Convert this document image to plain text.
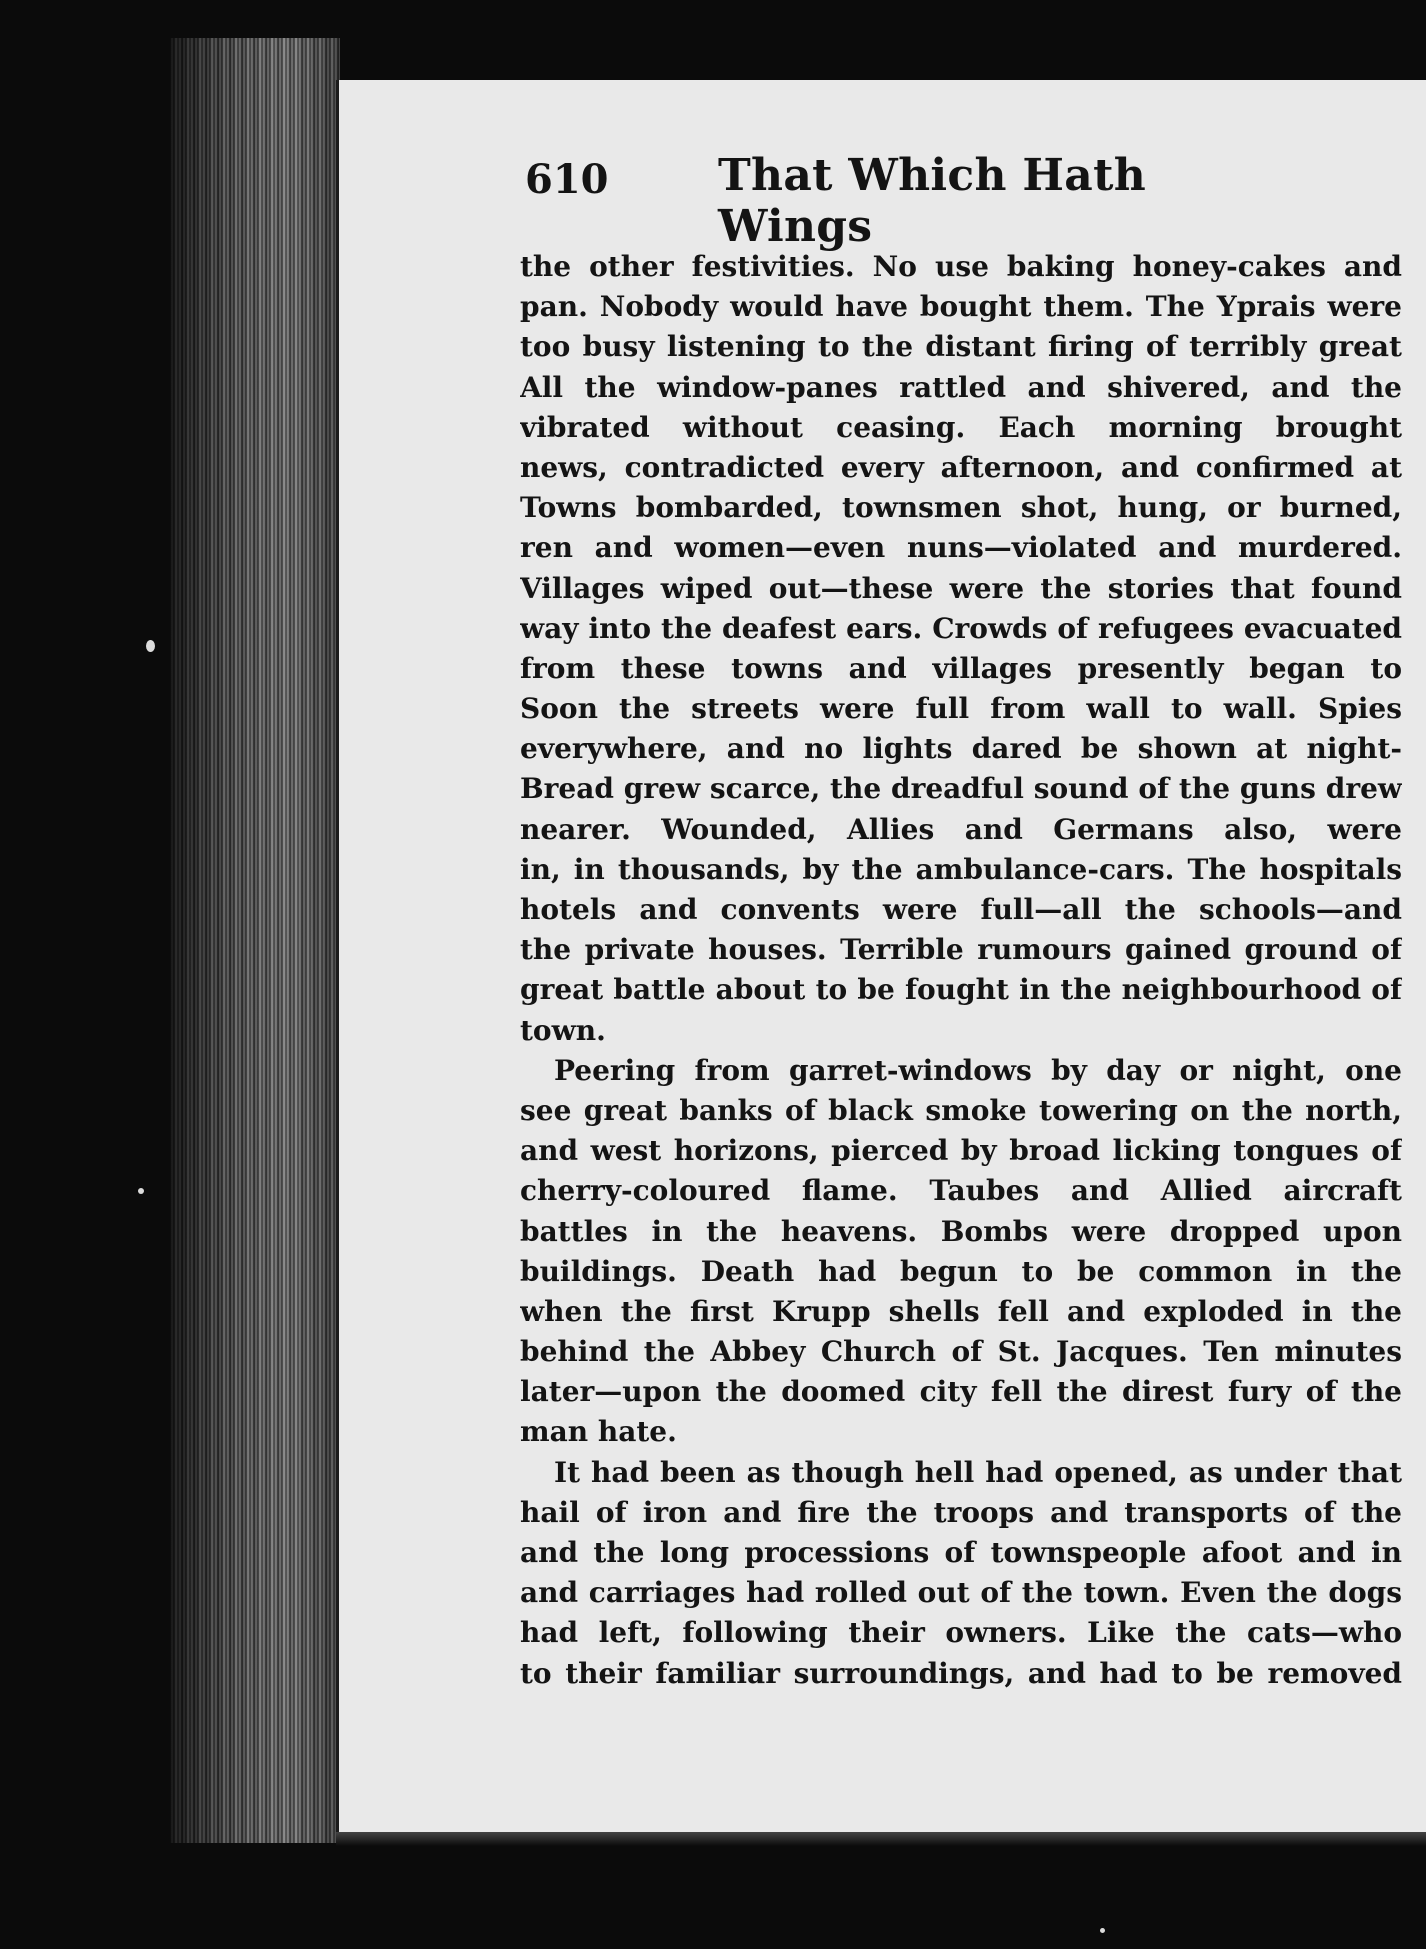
610 That Which Hath Wings
the other festivities. No use baking honey-cakes and
pan. Nobody would have bought them. The Yprais were
too busy listening to the distant firing of terribly great
All the window-panes rattled and shivered, and the
vibrated without ceasing. Each morning brought
news, contradicted every afternoon, and confirmed at
Towns bombarded, townsmen shot, hung, or burned,
ren and women—even nuns—violated and murdered.
Villages wiped out—these were the stories that found
way into the deafest ears. Crowds of refugees evacuated
from these towns and villages presently began to
Soon the streets were full from wall to wall. Spies
everywhere, and no lights dared be shown at night-
Bread grew scarce, the dreadful sound of the guns drew
nearer. Wounded, Allies and Germans also, were
in, in thousands, by the ambulance-cars. The hospitals
hotels and convents were full—all the schools—and
the private houses. Terrible rumours gained ground of
great battle about to be fought in the neighbourhood of
town.
Peering from garret-windows by day or night, one
see great banks of black smoke towering on the north,
and west horizons, pierced by broad licking tongues of
cherry-coloured flame. Taubes and Allied aircraft
battles in the heavens. Bombs were dropped upon
buildings. Death had begun to be common in the
when the first Krupp shells fell and exploded in the
behind the Abbey Church of St. Jacques. Ten minutes
later—upon the doomed city fell the direst fury of the
man hate.
It had been as though hell had opened, as under that
hail of iron and fire the troops and transports of the
and the long processions of townspeople afoot and in
and carriages had rolled out of the town. Even the dogs
had left, following their owners. Like the cats—who
to their familiar surroundings, and had to be removed
